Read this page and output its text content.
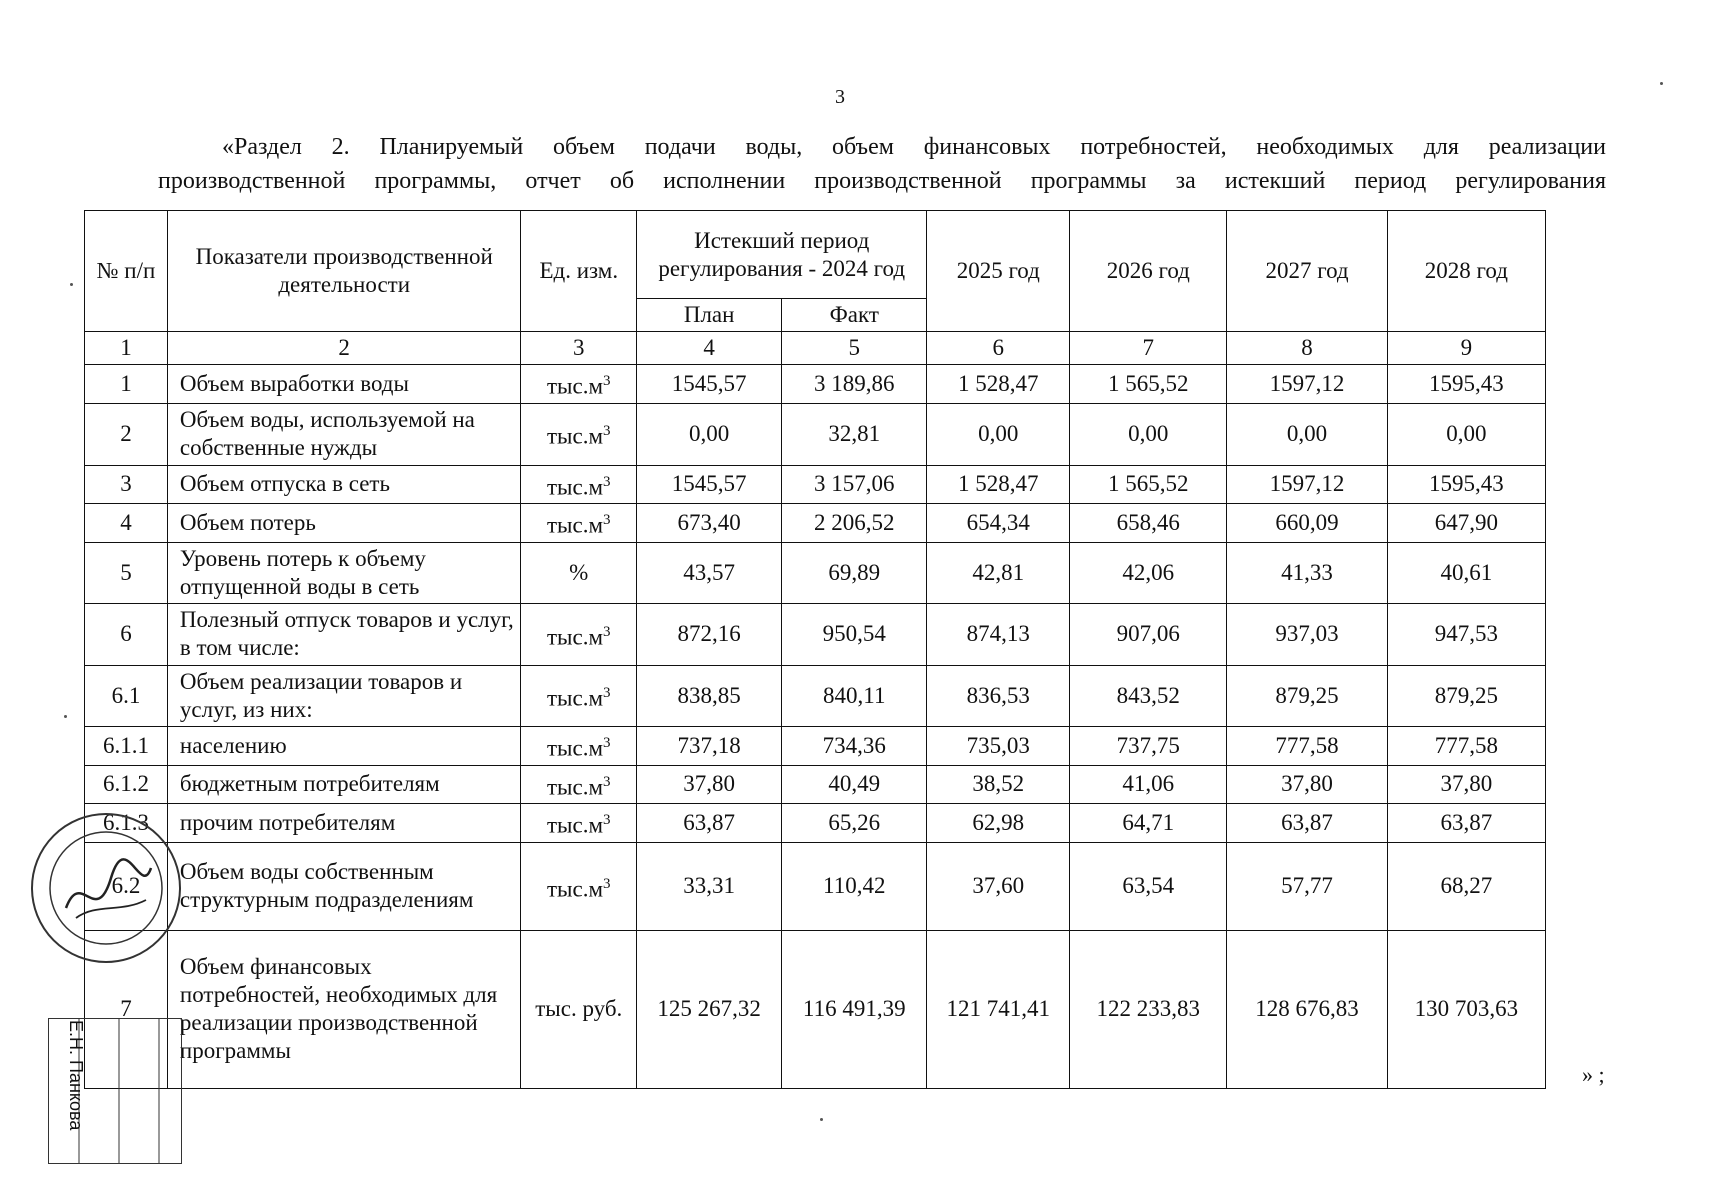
3
«Раздел 2. Планируемый объем подачи воды, объем финансовых потребностей, необходимых для реализации
производственной программы, отчет об исполнении производственной программы за истекший период регулирования
№ п/п	Показатели производственной деятельности	Ед. изм.	Истекший период регулирования - 2024 год		2025 год	2026 год	2027 год	2028 год
			План	Факт				
1	2	3	4	5	6	7	8	9
1	Объем выработки воды	$тыс.м^3$	1545,57	3 189,86	1 528,47	1 565,52	1597,12	1595,43
2	Объем воды, используемой на собственные нужды	$тыс.м^3$	0,00	32,81	0,00	0,00	0,00	0,00
3	Объем отпуска в сеть	$тыс.м^3$	1545,57	3 157,06	1 528,47	1 565,52	1597,12	1595,43
4	Объем потерь	$тыс.м^3$	673,40	2 206,52	654,34	658,46	660,09	647,90
5	Уровень потерь к объему отпущенной воды в сеть	%	43,57	69,89	42,81	42,06	41,33	40,61
6	Полезный отпуск товаров и услуг, в том числе:	$тыс.м^3$	872,16	950,54	874,13	907,06	937,03	947,53
6.1	Объем реализации товаров и услуг, из них:	$тыс.м^3$	838,85	840,11	836,53	843,52	879,25	879,25
6.1.1	населению	$тыс.м^3$	737,18	734,36	735,03	737,75	777,58	777,58
6.1.2	бюджетным потребителям	$тыс.м^3$	37,80	40,49	38,52	41,06	37,80	37,80
6.1.3	прочим потребителям	$тыс.м^3$	63,87	65,26	62,98	64,71	63,87	63,87
6.2	Объем воды собственным структурным подразделениям	$тыс.м^3$	33,31	110,42	37,60	63,54	57,77	68,27
7	Объем финансовых потребностей, необходимых для реализации производственной программы	тыс. руб.	125 267,32	116 491,39	121 741,41	122 233,83	128 676,83	130 703,63
» ;
Е.Н. Панкова
